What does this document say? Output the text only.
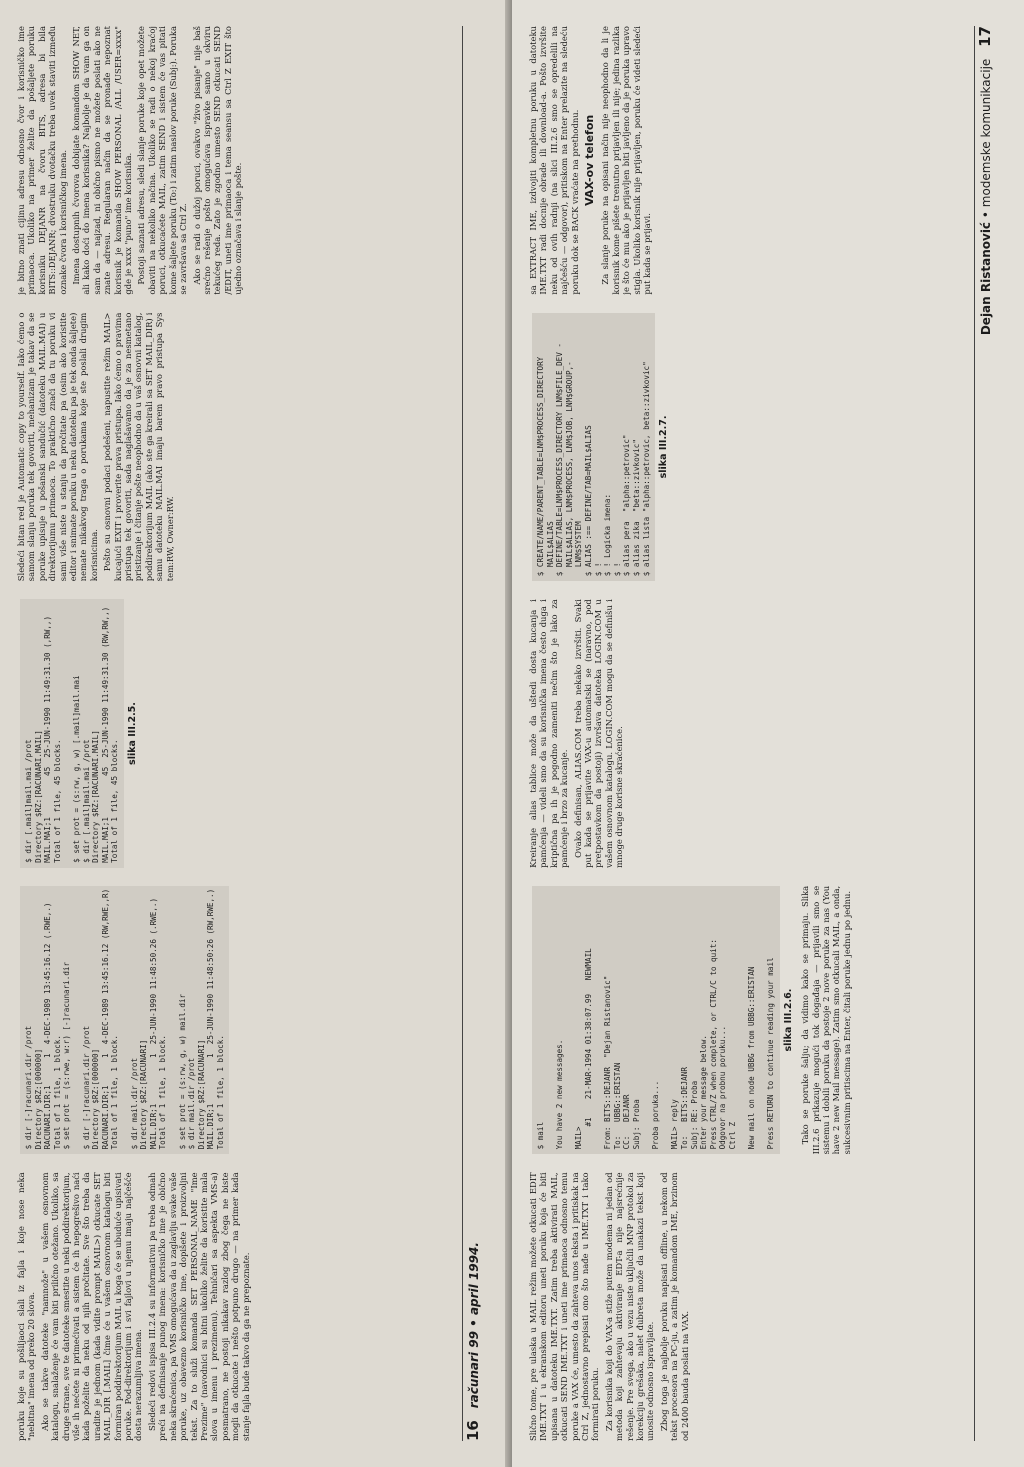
poruku koje su pošiljaoci slali iz fajla i koje nose neka "nebitna" imena od preko 20 slova. Ako se takve datoteke "namnože" u vašem osnovnom katalogu, snalaženje će vam biti prilično otežano. Ukoliko, sa druge strane, sve te datoteke smestite u neki poddirektorijum, više ih nećete ni primećivati a sistem će ih nepogrešivo naći kada poželite da neku od njih pročitate. Sve što treba da uradite je jednom (kada vidite prompt MAIL>) otkucate SET MAIL_DIR [.MAIL] čime će u vašem osnovnom katalogu biti formiran poddirektorijum MAIL u koga će se ubuduće upisivati poruke. Pod-direktorijum i svi fajlovi u njemu imaju najčešće dosta nerazumljiva imena. Sledeći redovi ispisa III.2.4 su informativni pa treba odmah preći na definisanje punog imena: korisničko ime je obično neka skraćenica, pa VMS omogućava da u zaglavlju svake vaše poruke, uz obavezno korisničko ime, dopišete i proizvoljni tekst. Za to služi komanda SET PERSONAL_NAME "Ime Prezime" (navodnici su bitni ukoliko želite da koristite mala slova u imenu i prezimenu). Tehničari sa aspekta VMS-a) posmatrano, ne postoji nikakav razlog zbog čega ne biste mogli da otkucate i nešto potpuno drugo — na primer kada stanje fajla bude takvo da ga ne prepoznate.

$ dir [-]racunari.dir /prot
Directory $RZ:[000000]
RACUNARI.DIR;1      1  4-DEC-1989 13:45:16.12 (.RWE,.)
Total of 1 file, 1 block.
$ set prot = (s:rwe, w:r) [-]racunari.dir

$ dir [-]racunari.dir /prot
Directory $RZ:[000000]
RACUNARI.DIR;1      1  4-DEC-1989 13:45:16.12 (RW,RWE,,R)
Total of 1 file, 1 block.

$ dir mail.dir /prot
Directory $RZ:[RACUNARI]
MAIL.DIR;1          1  25-JUN-1990 11:48:50.26 (.RWE,.)
Total of 1 file, 1 block.

$ set prot = (s:rw, g, w) mail.dir
$ dir mail.dir /prot
Directory $RZ:[RACUNARI]
MAIL.DIR;1          1  25-JUN-1990 11:48:50:26 (RW,RWE,.)
Total of 1 file, 1 block.
$ dir [.mail]mail.mai /prot
Directory $RZ:[RACUNARI.MAIL]
MAIL.MAI;1         45  25-JUN-1990 11:49:31.30 (,RW,,)
Total of 1 file, 45 blocks.

$ set prot = (s:rw, g, w) [.mail]mail.mai
$ dir [.mail]mail.mai /prot
Directory $RZ:[RACUNARI.MAIL]
MAIL.MAI;1         45  25-JUN-1990 11:49:31.30 (RW,RW,,)
Total of 1 file, 45 blocks. slika III.2.5.

Sledeći bitan red je Automatic copy to yourself. Iako ćemo o samom slanju poruka tek govoriti, mehanizam je takav da se poruke upisuje u pošanski sandučić (datoteku MAIL.MAI) u direktorijumu primaoca. To praktično znači da tu poruku vi sami više niste u stanju da pročitate pa (osim ako koristite editor i snimate poruku u neku datoteku pa je tek onda šaljete) nemate nikakvog traga o porukama koje ste poslali drugim korisnicima. Pošto su osnovni podaci podešeni, napustite režim MAIL> kucajući EXIT i proverite prava pristupa. Iako ćemo o pravima pristupa tek govoriti, sada naglašavamo da je za nesmetano pristizanje i čitanje pošte neophodno da u vaš osnovni katalog, poddirektorijum MAIL (ako ste ga kreirali sa SET MAIL_DIR) i samu datoteku MAIL.MAI imaju barem pravo pristupa Sys tem:RW, Owner:RW.

je bitno znati cijinu adresu odnosno čvor i korisničko ime primaoca. Ukoliko na primer želite da pošaljete poruku korisniku DEJANR na čvoru BITS, adresa bi bila BITS::DEJANR; dvostruku dvotačku treba uvek staviti između oznake čvora i korisničkog imena. Imena dostupnih čvorova dobijate komandom SHOW NET, ali kako doći do imena korisnika? Najbolje je da vam ga on sam da — najzad, ni obično pismo ne možete poslati ako ne znate adresu. Regularan način da se pronađe nepoznat korisnik je komanda SHOW PERSONAL /ALL /USER=xxxx" gde je xxxx "puno" ime korisnika. Postoji saznati adresu, sledi slanje poruke koje opet možete obaviti na nekoliko načina. Ukoliko se radi o nekoj kraćoj poruci, otkucaćete MAIL, zatim SEND i sistem će vas pitati kome šaljete poruku (To:) i zatim naslov poruke (Subj:). Poruka se završava sa Ctrl Z. Ako se radi o dužoj poruci, ovakvo "živo pisanje" nije baš srećno rešenje pošto omogućava ispravke samo u okviru tekućeg reda. Zato je zgodno umesto SEND otkucati SEND /EDIT, uneti ime primaoca i tema seansu sa Ctrl Z EXIT što ujedno označava i slanje pošte.

16 računari 99 • april 1994.	Slično tome, pre ulaska u MAIL režim možete otkucati EDIT IME.TXT i u ekranskom editoru uneti poruku koja će biti upisana u datoteku IME.TXT. Zatim treba aktivirati MAIL, otkucati SEND IME.TXT i uneti ime primaoca odnosno temu poruke a VAX će, umesto da zahteva unos teksta i pritiskak na Ctrl Z, jednostavno prepisati ono što nađe u IME.TXT i tako formirati poruku. Za korisnika koji do VAX-a stiže putem modema ni jedan od metoda koji zahtevaju aktiviranje EDT-a nije najsrećnije rešenje. Pre svega, ako u vezu niste uključili MNP protokol za korekciju grešaka, nalet đubreta može da unakazi tekst koji unosite odnosno ispravljate. Zbog toga je najbolje poruku napisati offline, u nekom od tekst procesora na PC-ju, a zatim je komandom IME, brzinom od 2400 bauda poslati na VAX.

$ mail

You have 2 new messages.

MAIL>
#1    21-MAR-1994 01:38:07.99   NEWMAIL

From: BITS::DEJANR  "Dejan Ristanovic"
To:   UBBG::ERISTAN
CC:   DEJANR
Subj: Proba

Proba poruka...

MAIL> reply
To:   BITS::DEJANR
Subj: RE: Proba
Enter your message below.
Press CTRL/Z when complete, or CTRL/C to quit:
Odgovor na probnu poruku...
Ctrl Z

New mail on node UBBG from UBBG::ERISTAN

Press RETURN to continue reading your mail
slika III.2.6. Tako se poruke šalju; da vidimo kako se primaju. Slika III.2.6 prikazuje mogući tok događaja — prijavili smo se sistemu i dobili poruku da postoje 2 nove poruke za nas (You have 2 new Mail message). Zatim smo otkucali MAIL, a onda, sukcesivnim pritiscima na Enter, čitali poruke jednu po jednu.

Kreiranje alias tablice može da uštedi dosta kucanja i pamćenja — videli smo da su korisnička imena često duga i kriptična pa ih je pogodno zameniti nečim što je lako za pamćenje i brzo za kucanje. Ovako definisan, ALIAS.COM treba nekako izvršiti. Svaki put kada se prijavite VAX-u automatski se (naravno, pod pretpostavkom da postoji) izvršava datoteka LOGIN.COM u vašem osnovnom katalogu. LOGIN.COM mogu da se definišu i mnoge druge korisne skraćenice.

$ CREATE/NAME/PARENT_TABLE=LNM$PROCESS_DIRECTORY
MAIL$ALIAS
$ DEFINE/TABLE=LNM$PROCESS_DIRECTORY LNM$FILE_DEV -
MAIL$ALIAS, LNM$PROCESS, LNM$JOB, LNM$GROUP,-
LNM$SYSTEM
$ ALIAS :== DEFINE/TAB=MAIL$ALIAS
$ !
$ ! Logicka imena:
$ !
$ alias pera  "alpha::petrovic"
$ alias zika  "beta::zivkovic"
$ alias lista "alpha::petrovic, beta::zivkovic"
slika III.2.7.

sa EXTRACT IME, izdvojiti kompletnu poruku u datoteku IME.TXT radi docnije obrade ili download-a. Pošto izvršite neku od ovih radnji (na slici III.2.6 smo se opredelili na najčešću — odgovor), pritiskom na Enter prelazite na sledeću poruku dok se BACK vraćate na prethodnu. VAX-ov telefon Za slanje poruke na opisani način nije neophodno da li je korisnik kome pišete trenutno prijavljen ili nije; jedina razlika je što će mu ako je prijavljen biti javljeno da je poruka upravo stigla. Ukoliko korisnik nije prijavljen, poruku će videti sledeći put kada se prijavi.	Dejan Ristanović • modemske komunikacije 17
